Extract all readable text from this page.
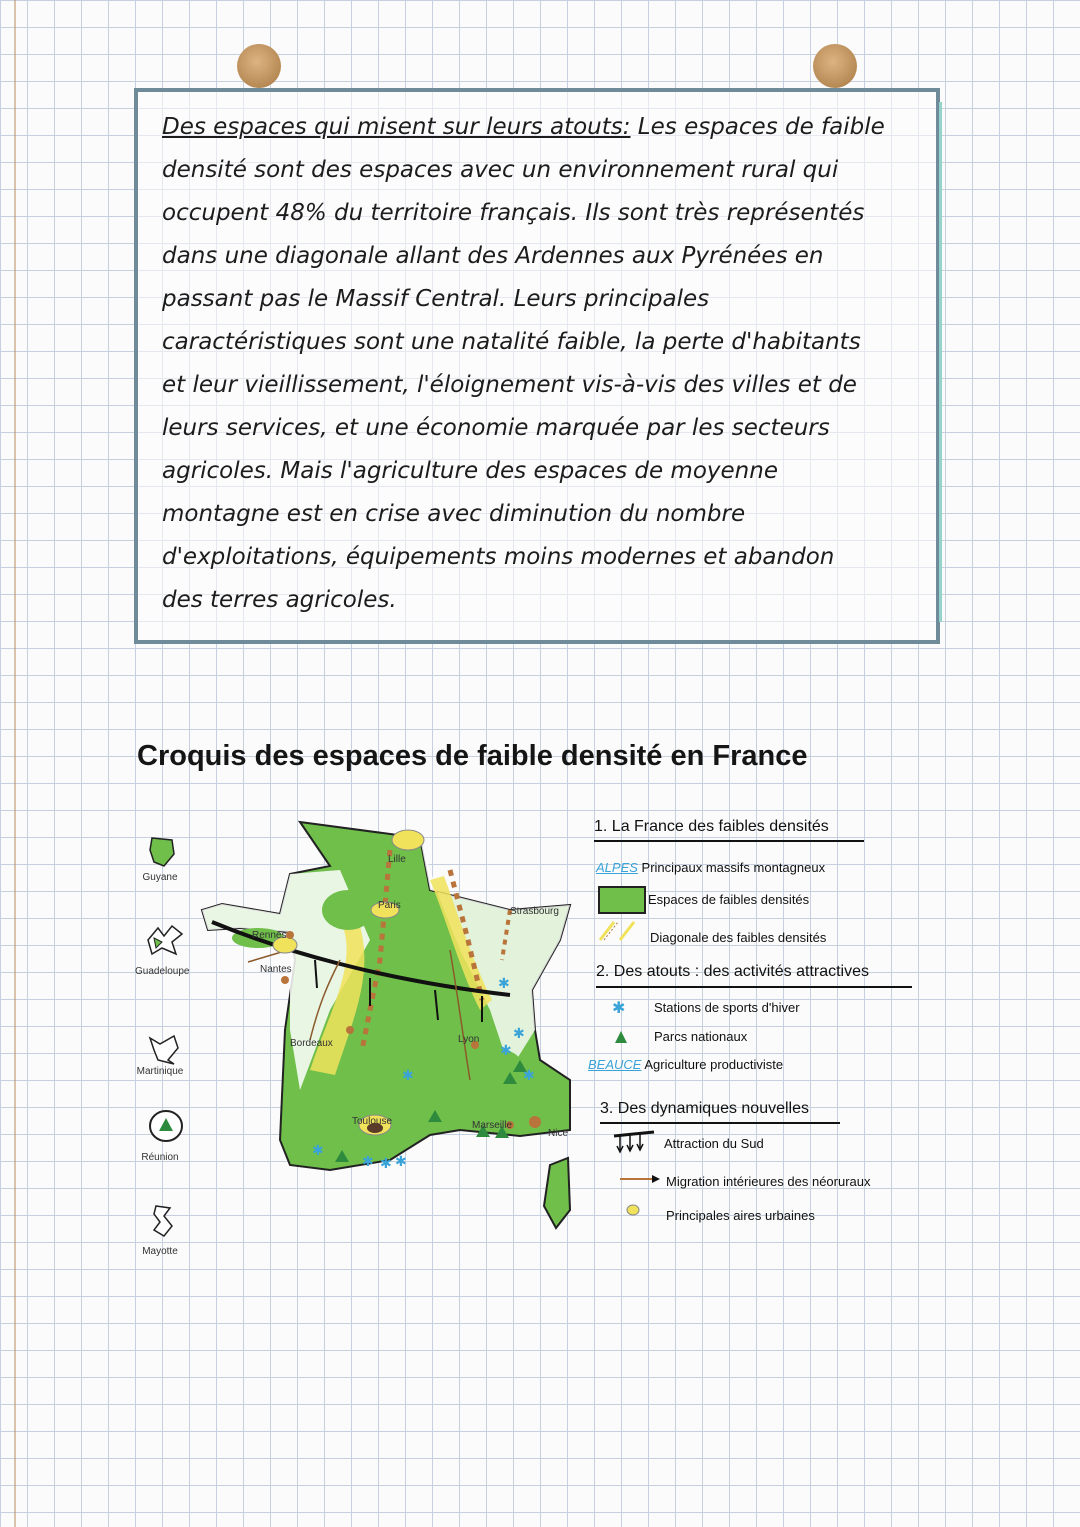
Des espaces qui misent sur leurs atouts: Les espaces de faible
densité sont des espaces avec un environnement rural qui
occupent 48% du territoire français. Ils sont très représentés
dans une diagonale allant des Ardennes aux Pyrénées en
passant pas le Massif Central. Leurs principales
caractéristiques sont une natalité faible, la perte d'habitants
et leur vieillissement, l'éloignement vis-à-vis des villes et de
leurs services, et une économie marquée par les secteurs
agricoles. Mais l'agriculture des espaces de moyenne
montagne est en crise avec diminution du nombre
d'exploitations, équipements moins modernes et abandon
des terres agricoles.
Croquis des espaces de faible densité en France
Guyane
Guadeloupe
Martinique
Réunion
Mayotte
✱
✱
✱
✱
✱
✱
✱ ✱ ✱
Lille
Paris
Strasbourg
Rennes
Nantes
Bordeaux	Lyon
Toulouse	Marseille
Nice
1. La France des faibles densités
ALPES Principaux massifs montagneux
Espaces de faibles densités
Diagonale des faibles densités
2. Des atouts : des activités attractives
✱ Stations de sports d'hiver
Parcs nationaux
BEAUCE Agriculture productiviste
3. Des dynamiques nouvelles
Attraction du Sud
Migration intérieures des néoruraux
Principales aires urbaines
